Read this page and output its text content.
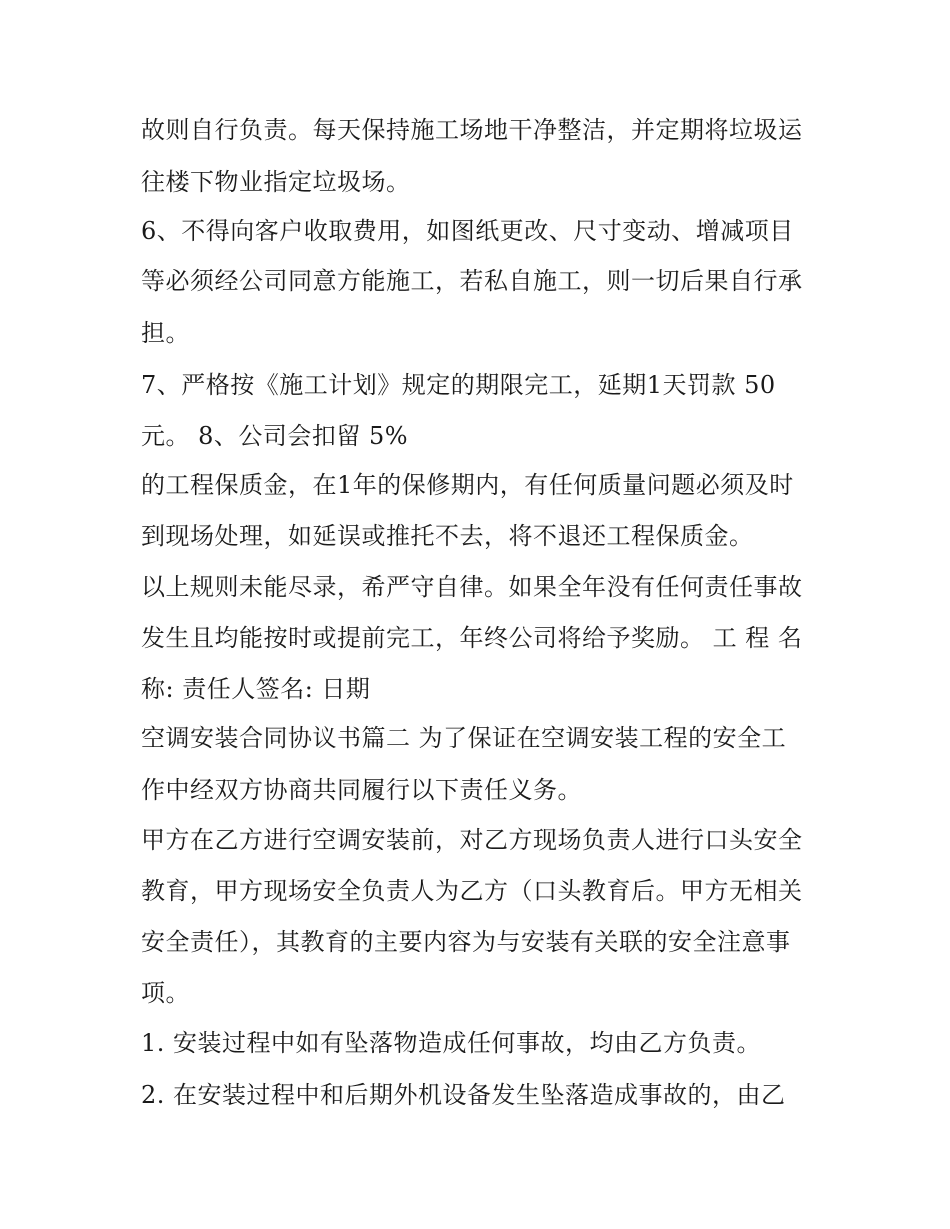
故则自行负责。每天保持施工场地干净整洁，并定期将垃圾运
往楼下物业指定垃圾场。
6、不得向客户收取费用，如图纸更改、尺寸变动、增减项目
等必须经公司同意方能施工，若私自施工，则一切后果自行承
担。
7、严格按《施工计划》规定的期限完工，延期1天罚款 50
元。 8、公司会扣留 5%
的工程保质金，在1年的保修期内，有任何质量问题必须及时
到现场处理，如延误或推托不去，将不退还工程保质金。
以上规则未能尽录，希严守自律。如果全年没有任何责任事故
发生且均能按时或提前完工，年终公司将给予奖励。 工 程 名
称: 责任人签名: 日期
空调安装合同协议书篇二 为了保证在空调安装工程的安全工
作中经双方协商共同履行以下责任义务。
甲方在乙方进行空调安装前，对乙方现场负责人进行口头安全
教育，甲方现场安全负责人为乙方（口头教育后。甲方无相关
安全责任），其教育的主要内容为与安装有关联的安全注意事
项。
1. 安装过程中如有坠落物造成任何事故，均由乙方负责。
2. 在安装过程中和后期外机设备发生坠落造成事故的，由乙
